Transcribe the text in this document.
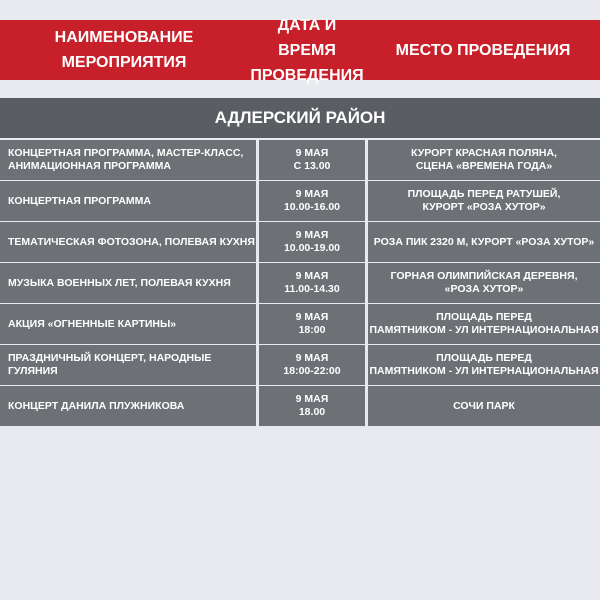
НАИМЕНОВАНИЕ
МЕРОПРИЯТИЯ
ДАТА И ВРЕМЯ
ПРОВЕДЕНИЯ
МЕСТО ПРОВЕДЕНИЯ
АДЛЕРСКИЙ РАЙОН
КОНЦЕРТНАЯ ПРОГРАММА, МАСТЕР-КЛАСС,
АНИМАЦИОННАЯ ПРОГРАММА
9 МАЯ
С 13.00
КУРОРТ КРАСНАЯ ПОЛЯНА,
СЦЕНА «ВРЕМЕНА ГОДА»
КОНЦЕРТНАЯ ПРОГРАММА
9 МАЯ
10.00-16.00
ПЛОЩАДЬ ПЕРЕД РАТУШЕЙ,
КУРОРТ «РОЗА ХУТОР»
ТЕМАТИЧЕСКАЯ ФОТОЗОНА, ПОЛЕВАЯ КУХНЯ
9 МАЯ
10.00-19.00
РОЗА ПИК 2320 М, КУРОРТ «РОЗА ХУТОР»
МУЗЫКА ВОЕННЫХ ЛЕТ, ПОЛЕВАЯ КУХНЯ
9 МАЯ
11.00-14.30
ГОРНАЯ ОЛИМПИЙСКАЯ ДЕРЕВНЯ,
«РОЗА ХУТОР»
АКЦИЯ «ОГНЕННЫЕ КАРТИНЫ»
9 МАЯ
18:00
ПЛОЩАДЬ ПЕРЕД
ПАМЯТНИКОМ - УЛ ИНТЕРНАЦИОНАЛЬНАЯ
ПРАЗДНИЧНЫЙ КОНЦЕРТ, НАРОДНЫЕ ГУЛЯНИЯ
9 МАЯ
18:00-22:00
ПЛОЩАДЬ ПЕРЕД
ПАМЯТНИКОМ - УЛ ИНТЕРНАЦИОНАЛЬНАЯ
КОНЦЕРТ ДАНИЛА ПЛУЖНИКОВА
9 МАЯ
18.00
СОЧИ ПАРК
